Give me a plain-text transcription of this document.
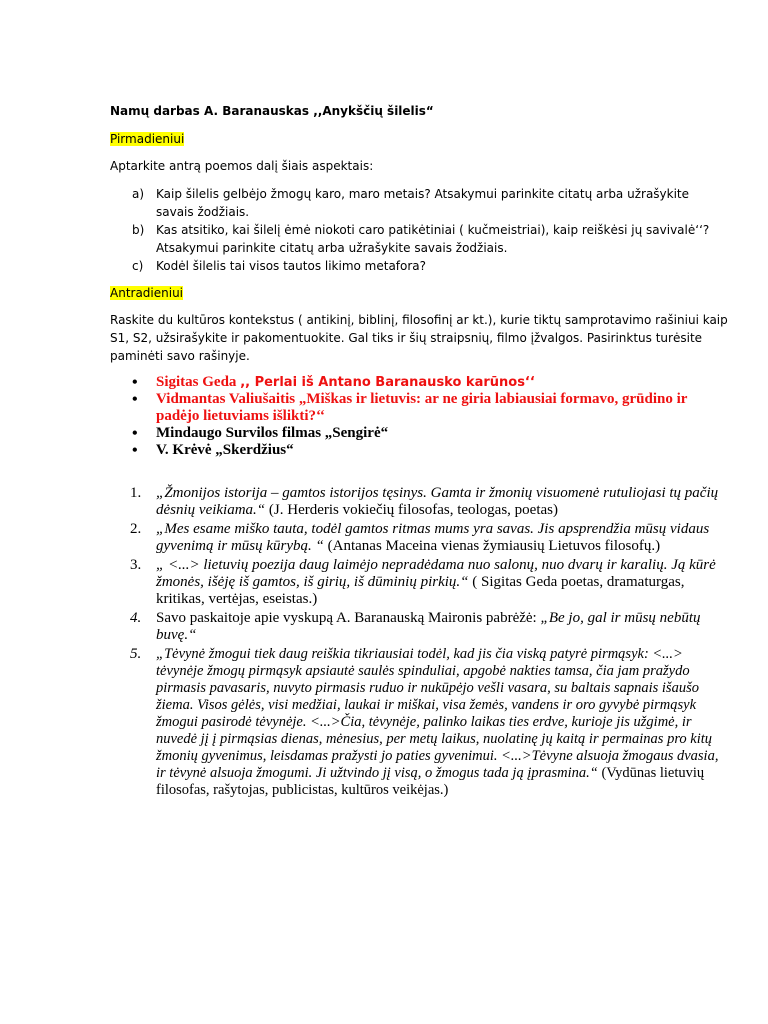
Namų darbas A. Baranauskas ,,Anykščių šilelis“
Pirmadieniui
Aptarkite antrą poemos dalį šiais aspektais:
a) Kaip šilelis gelbėjo žmogų karo, maro metais? Atsakymui parinkite citatų arba užrašykite savais žodžiais.
b) Kas atsitiko, kai šilelį ėmė niokoti caro patikėtiniai ( kučmeistriai), kaip reiškėsi jų savivalė‘‘? Atsakymui parinkite citatų arba užrašykite savais žodžiais.
c) Kodėl šilelis tai visos tautos likimo metafora?
Antradieniui
Raskite du kultūros kontekstus ( antikinį, biblinį, filosofinį ar kt.), kurie tiktų samprotavimo rašiniui kaip S1, S2, užsirašykite ir pakomentuokite. Gal tiks ir šių straipsnių, filmo įžvalgos. Pasirinktus turėsite paminėti savo rašinyje.
• Sigitas Geda ,, Perlai iš Antano Baranausko karūnos‘‘
• Vidmantas Valiušaitis „Miškas ir lietuvis: ar ne giria labiausiai formavo, grūdino ir padėjo lietuviams išlikti?‘‘
• Mindaugo Survilos filmas „Sengirė“
• V. Krėvė „Skerdžius“
1. „Žmonijos istorija – gamtos istorijos tęsinys. Gamta ir žmonių visuomenė rutuliojasi tų pačių dėsnių veikiama.“ (J. Herderis vokiečių filosofas, teologas, poetas)
2. „Mes esame miško tauta, todėl gamtos ritmas mums yra savas. Jis apsprendžia mūsų vidaus gyvenimą ir mūsų kūrybą. “ (Antanas Maceina vienas žymiausių Lietuvos filosofų.)
3. „ <...> lietuvių poezija daug laimėjo nepradėdama nuo salonų, nuo dvarų ir karalių. Ją kūrė žmonės, išėję iš gamtos, iš girių, iš dūminių pirkių.“ ( Sigitas Geda poetas, dramaturgas, kritikas, vertėjas, eseistas.)
4. Savo paskaitoje apie vyskupą A. Baranauską Maironis pabrėžė: „Be jo, gal ir mūsų nebūtų buvę.“
5. „Tėvynė žmogui tiek daug reiškia tikriausiai todėl, kad jis čia viską patyrė pirmąsyk: <...> tėvynėje žmogų pirmąsyk apsiautė saulės spinduliai, apgobė nakties tamsa, čia jam pražydo pirmasis pavasaris, nuvyto pirmasis ruduo ir nukūpėjo vešli vasara, su baltais sapnais išaušo žiema. Visos gėlės, visi medžiai, laukai ir miškai, visa žemės, vandens ir oro gyvybė pirmąsyk žmogui pasirodė tėvynėje. <...>Čia, tėvynėje, palinko laikas ties erdve, kurioje jis užgimė, ir nuvedė jį į pirmąsias dienas, mėnesius, per metų laikus, nuolatinę jų kaitą ir permainas pro kitų žmonių gyvenimus, leisdamas pražysti jo paties gyvenimui. <...>Tėvyne alsuoja žmogaus dvasia, ir tėvynė alsuoja žmogumi. Ji užtvindo jį visą, o žmogus tada ją įprasmina.“ (Vydūnas lietuvių filosofas, rašytojas, publicistas, kultūros veikėjas.)
